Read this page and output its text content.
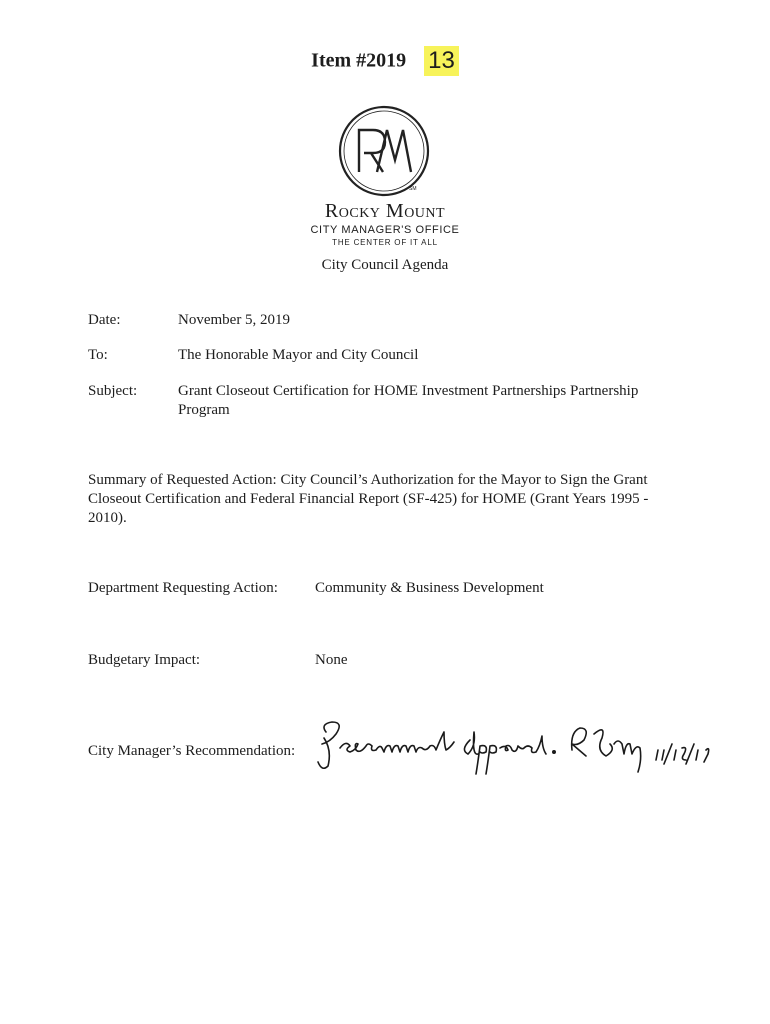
Item #2019 13
SM
Rocky Mount
CITY MANAGER'S OFFICE
THE CENTER OF IT ALL
City Council Agenda
Date:	November 5, 2019
To:	The Honorable Mayor and City Council
Subject:	Grant Closeout Certification for HOME Investment Partnerships Partnership Program
Summary of Requested Action: City Council’s Authorization for the Mayor to Sign the Grant Closeout Certification and Federal Financial Report (SF-425) for HOME (Grant Years 1995 - 2010).
Department Requesting Action: Community & Business Development
Budgetary Impact:	None
City Manager’s Recommendation:
